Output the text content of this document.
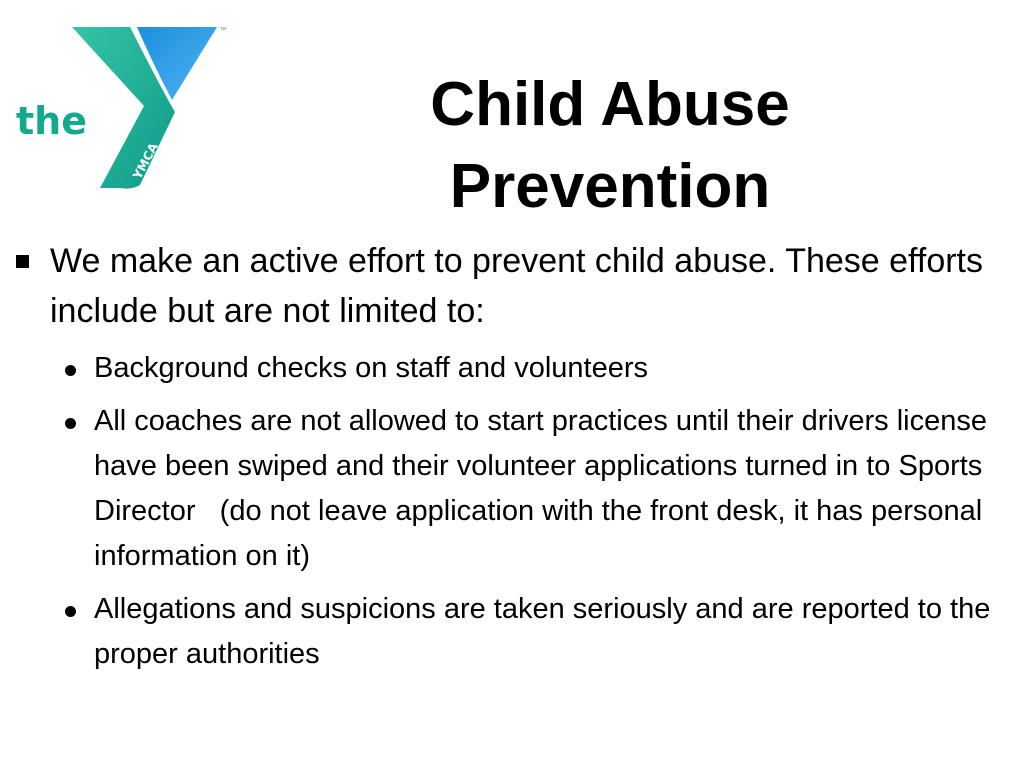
the
YMCA
™
Child Abuse
Prevention
We make an active effort to prevent child abuse. These efforts include but are not limited to:
Background checks on staff and volunteers
All coaches are not allowed to start practices until their drivers license have been swiped and their volunteer applications turned in to Sports Director   (do not leave application with the front desk, it has personal information on it)
Allegations and suspicions are taken seriously and are reported to the proper authorities
